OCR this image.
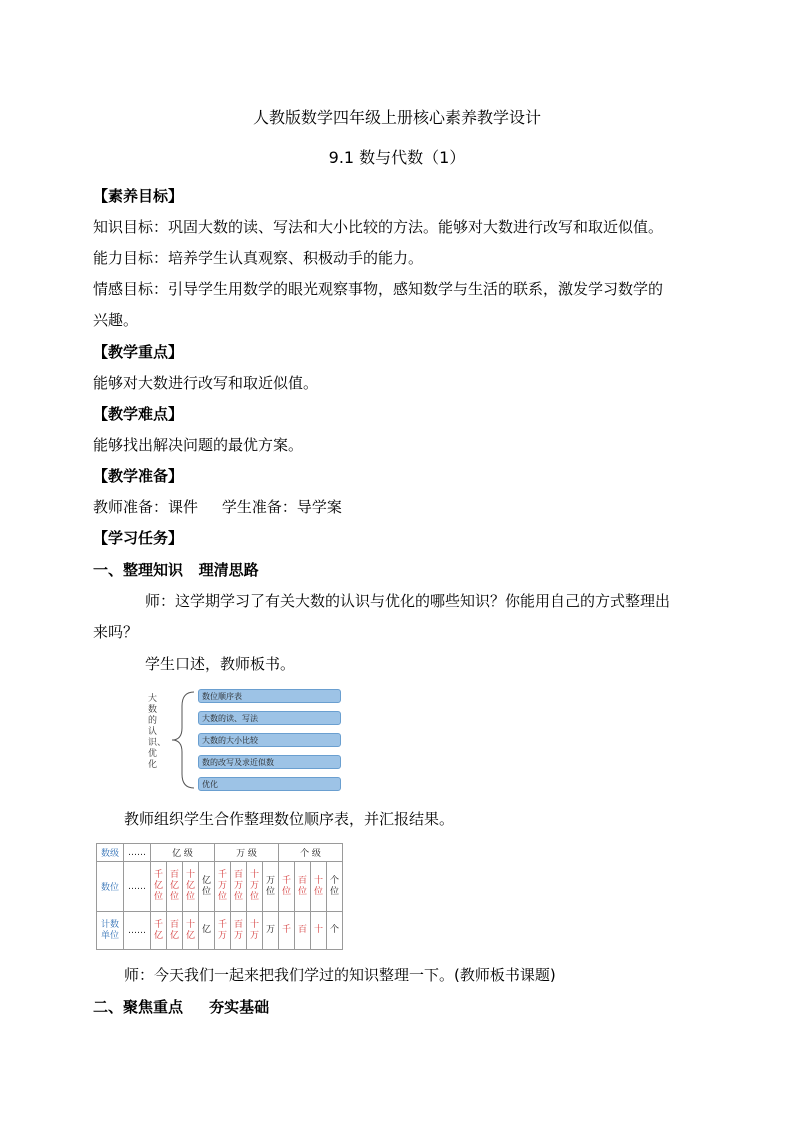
人教版数学四年级上册核心素养教学设计
9.1 数与代数（1）
【素养目标】
知识目标：巩固大数的读、写法和大小比较的方法。能够对大数进行改写和取近似值。
能力目标：培养学生认真观察、积极动手的能力。
情感目标：引导学生用数学的眼光观察事物，感知数学与生活的联系，激发学习数学的
兴趣。
【教学重点】
能够对大数进行改写和取近似值。
【教学难点】
能够找出解决问题的最优方案。
【教学准备】
教师准备：课件     学生准备：导学案
【学习任务】
一、整理知识   理清思路
师：这学期学习了有关大数的认识与优化的哪些知识？你能用自己的方式整理出
来吗？
学生口述，教师板书。
大数的认识、优化
数位顺序表
大数的读、写法
大数的大小比较
数的改写及求近似数
优化
教师组织学生合作整理数位顺序表，并汇报结果。
数级	……	亿 级				万 级				个 级			
数位	……	千亿位	百亿位	十亿位	亿位	千万位	百万位	十万位	万位	千位	百位	十位	个位

计数单位	……	千亿	百亿	十亿	亿	千万	百万	十万	万	千	百	十	个
师：今天我们一起来把我们学过的知识整理一下。(教师板书课题)
二、聚焦重点     夯实基础
